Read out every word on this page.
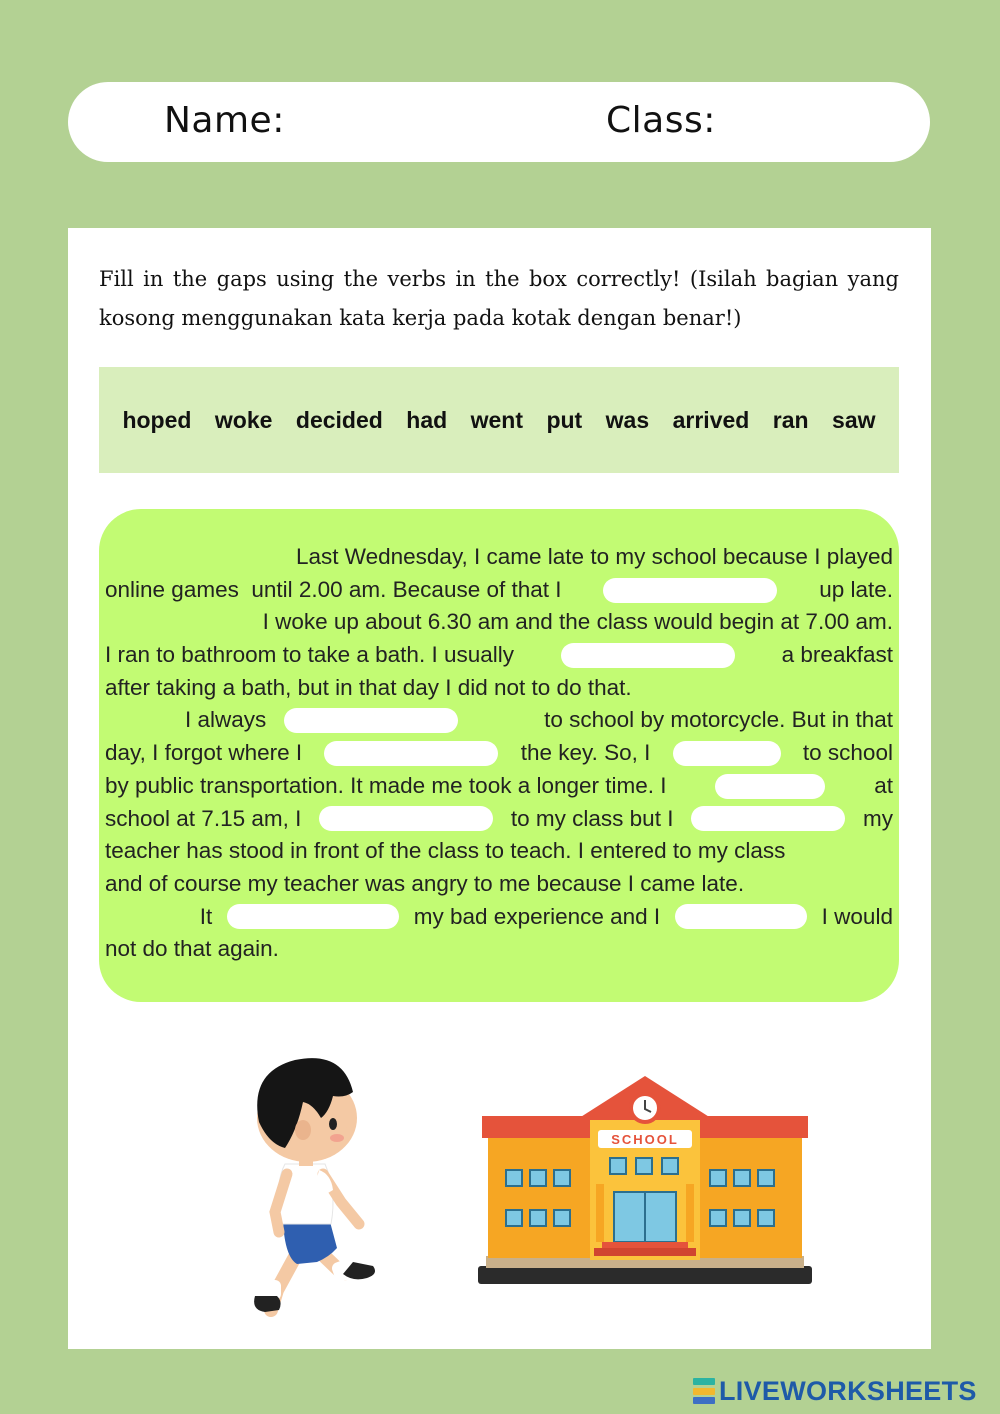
Name:	Class:
Fill in the gaps using the verbs in the box correctly! (Isilah bagian yang kosong menggunakan kata kerja pada kotak dengan benar!)
hoped woke decided had went put was arrived ran saw
Last Wednesday, I came late to my school because I played
online games  until 2.00 am. Because of that I	up late.
I woke up about 6.30 am and the class would begin at 7.00 am.
I ran to bathroom to take a bath. I usually	a breakfast
after taking a bath, but in that day I did not to do that.
I always	to school by motorcycle. But in that
day, I forgot where I	the key. So, I	to school
by public transportation. It made me took a longer time. I	at
school at 7.15 am, I	to my class but I	my
teacher has stood in front of the class to teach. I entered to my class
and of course my teacher was angry to me because I came late.
It	my bad experience and I	I would
not do that again.
SCHOOL
LIVEWORKSHEETS
